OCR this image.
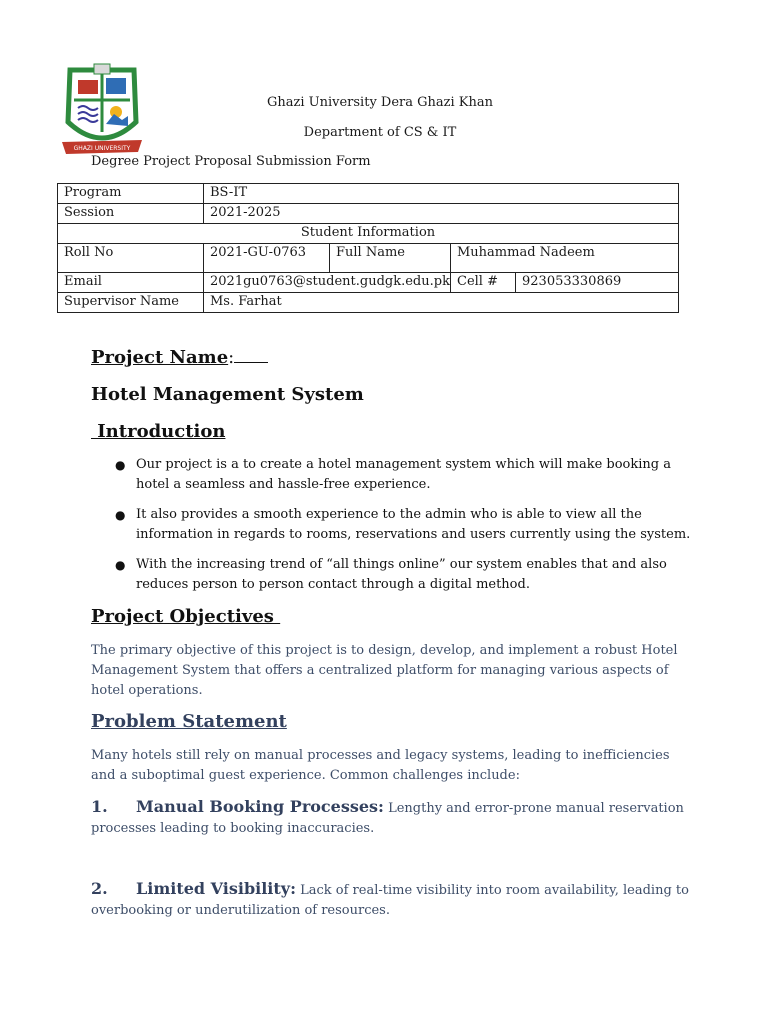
GHAZI UNIVERSITY
Ghazi University Dera Ghazi Khan
Department of CS & IT
Degree Project Proposal Submission Form
Program	BS-IT			
Session	2021-2025			
Student Information				
Roll No	2021-GU-0763	Full Name	Muhammad Nadeem	
Email	2021gu0763@student.gudgk.edu.pk		Cell #	923053330869
Supervisor Name	Ms. Farhat			
Project Name:
Hotel Management System
Introduction
● Our project is a to create a hotel management system which will make booking a hotel a seamless and hassle-free experience.
● It also provides a smooth experience to the admin who is able to view all the information in regards to rooms, reservations and users currently using the system.
● With the increasing trend of “all things online” our system enables that and also reduces person to person contact through a digital method.
Project Objectives
The primary objective of this project is to design, develop, and implement a robust Hotel Management System that offers a centralized platform for managing various aspects of hotel operations.
Problem Statement
Many hotels still rely on manual processes and legacy systems, leading to inefficiencies and a suboptimal guest experience. Common challenges include:
1. Manual Booking Processes: Lengthy and error-prone manual reservation processes leading to booking inaccuracies.
2. Limited Visibility: Lack of real-time visibility into room availability, leading to overbooking or underutilization of resources.
